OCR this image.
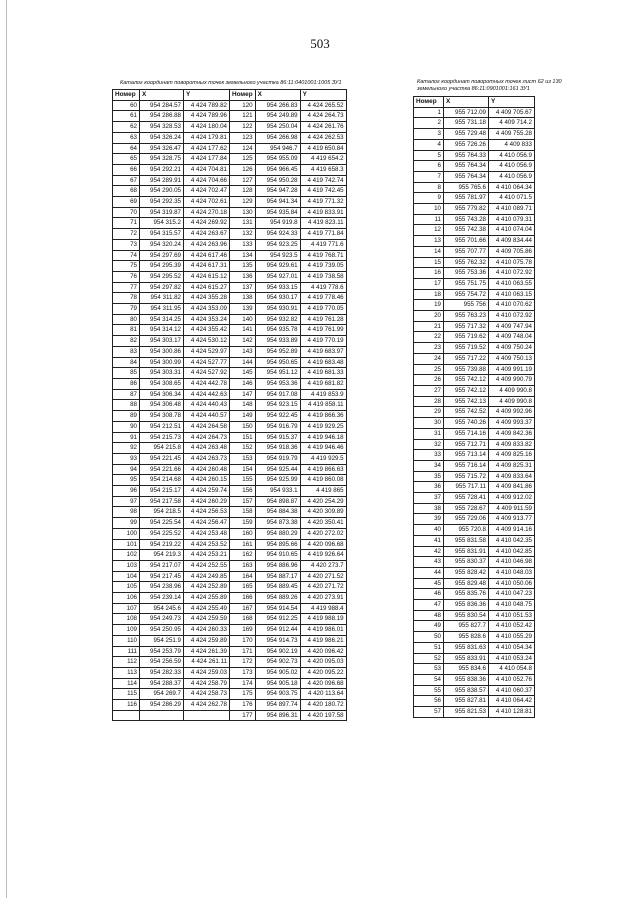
503
Каталог координат поворотных точек земельного участка 86:11:0401001:1005 ЗУ1	Каталог координат поворотных точек лист 62 из 130
земельного участка 86:11:0901001:161 ЗУ1
Номер	X	Y	Номер	X	Y
60	954 284.57	4 424 789.82	120	954 266.83	4 424 265.52
61	954 286.88	4 424 789.96	121	954 249.89	4 424 264.73
62	954 328.53	4 424 180.04	122	954 250.04	4 424 261.76
63	954 326.24	4 424 179.81	123	954 266.98	4 424 262.53
64	954 326.47	4 424 177.62	124	954 946.7	4 419 650.84
65	954 328.75	4 424 177.84	125	954 955.09	4 419 654.2
66	954 292.21	4 424 704.81	126	954 966.45	4 419 658.3
67	954 289.91	4 424 704.66	127	954 950.28	4 419 742.74
68	954 290.05	4 424 702.47	128	954 947.28	4 419 742.45
69	954 292.35	4 424 702.61	129	954 941.34	4 419 771.32
70	954 319.87	4 424 270.18	130	954 935.84	4 419 833.91
71	954 315.2	4 424 269.92	131	954 919.8	4 419 823.11
72	954 315.57	4 424 263.67	132	954 924.33	4 419 771.84
73	954 320.24	4 424 263.96	133	954 923.25	4 419 771.6
74	954 297.69	4 424 617.46	134	954 923.5	4 419 768.71
75	954 295.39	4 424 617.31	135	954 929.61	4 419 739.05
76	954 295.52	4 424 615.12	136	954 927.01	4 419 738.58
77	954 297.82	4 424 615.27	137	954 933.15	4 419 778.6
78	954 311.82	4 424 355.28	138	954 930.17	4 419 778.46
79	954 311.95	4 424 353.09	139	954 930.91	4 419 770.05
80	954 314.25	4 424 353.24	140	954 932.82	4 419 761.28
81	954 314.12	4 424 355.42	141	954 935.78	4 419 761.99
82	954 303.17	4 424 530.12	142	954 933.89	4 419 770.19
83	954 300.86	4 424 529.97	143	954 952.89	4 419 683.97
84	954 300.99	4 424 527.77	144	954 950.65	4 419 683.48
85	954 303.31	4 424 527.92	145	954 951.12	4 419 681.33
86	954 308.65	4 424 442.78	146	954 953.36	4 419 681.82
87	954 306.34	4 424 442.63	147	954 917.08	4 419 853.9
88	954 306.48	4 424 440.43	148	954 923.15	4 419 858.11
89	954 308.78	4 424 440.57	149	954 922.45	4 419 866.36
90	954 212.51	4 424 264.58	150	954 916.79	4 419 929.25
91	954 215.73	4 424 264.73	151	954 915.37	4 419 946.18
92	954 215.8	4 424 263.48	152	954 918.36	4 419 946.46
93	954 221.45	4 424 263.73	153	954 919.79	4 419 929.5
94	954 221.66	4 424 260.48	154	954 925.44	4 419 866.63
95	954 214.68	4 424 260.15	155	954 925.99	4 419 860.08
96	954 215.17	4 424 259.74	156	954 933.1	4 419 865
97	954 217.58	4 424 260.29	157	954 898.87	4 420 254.29
98	954 218.5	4 424 256.53	158	954 884.38	4 420 309.89
99	954 225.54	4 424 256.47	159	954 873.38	4 420 350.41
100	954 225.52	4 424 253.48	160	954 880.29	4 420 272.02
101	954 219.22	4 424 253.52	161	954 895.66	4 420 096.68
102	954 219.3	4 424 253.21	162	954 910.65	4 419 926.64
103	954 217.07	4 424 252.55	163	954 886.96	4 420 273.7
104	954 217.45	4 424 249.85	164	954 887.17	4 420 271.52
105	954 238.96	4 424 252.89	165	954 889.45	4 420 271.72
106	954 239.14	4 424 255.89	166	954 889.26	4 420 273.91
107	954 245.6	4 424 255.49	167	954 914.54	4 419 988.4
108	954 249.73	4 424 259.59	168	954 912.25	4 419 988.19
109	954 250.95	4 424 260.33	169	954 912.44	4 419 986.01
110	954 251.9	4 424 259.89	170	954 914.73	4 419 986.21
111	954 253.79	4 424 261.39	171	954 902.19	4 420 096.42
112	954 256.59	4 424 261.11	172	954 902.73	4 420 095.03
113	954 282.33	4 424 259.03	173	954 905.02	4 420 095.22
114	954 288.37	4 424 258.79	174	954 905.18	4 420 096.68
115	954 269.7	4 424 258.73	175	954 903.75	4 420 113.64
116	954 286.29	4 424 262.78	176	954 897.74	4 420 180.72
			177	954 896.31	4 420 197.58
Номер	X	Y
1	955 712.09	4 409 705.67
2	955 731.18	4 409 714.2
3	955 729.48	4 409 755.28
4	955 726.26	4 409 833
5	955 764.33	4 410 056.9
6	955 764.34	4 410 056.9
7	955 764.34	4 410 056.9
8	955 765.6	4 410 064.34
9	955 781.97	4 410 071.5
10	955 779.82	4 410 089.71
11	955 743.28	4 410 079.31
12	955 742.38	4 410 074.04
13	955 701.66	4 409 834.44
14	955 707.77	4 409 705.86
15	955 762.32	4 410 075.78
16	955 753.36	4 410 072.92
17	955 751.75	4 410 063.55
18	955 754.72	4 410 063.15
19	955 756	4 410 070.62
20	955 763.23	4 410 072.92
21	955 717.32	4 409 747.94
22	955 719.62	4 409 748.04
23	955 719.52	4 409 750.24
24	955 717.22	4 409 750.13
25	955 739.88	4 409 991.19
26	955 742.12	4 409 990.79
27	955 742.12	4 409 990.8
28	955 742.13	4 409 990.8
29	955 742.52	4 409 992.96
30	955 740.26	4 409 993.37
31	955 714.16	4 409 842.36
32	955 712.71	4 409 833.82
33	955 713.14	4 409 825.16
34	955 716.14	4 409 825.31
35	955 715.72	4 409 833.64
36	955 717.11	4 409 841.86
37	955 728.41	4 409 912.02
38	955 728.67	4 409 911.59
39	955 729.06	4 409 913.77
40	955 720.8	4 409 914.16
41	955 831.58	4 410 042.35
42	955 831.91	4 410 042.85
43	955 830.37	4 410 046.98
44	955 828.42	4 410 048.03
45	955 829.48	4 410 050.06
46	955 835.76	4 410 047.23
47	955 836.36	4 410 048.75
48	955 830.54	4 410 051.53
49	955 827.7	4 410 052.42
50	955 828.6	4 410 055.29
51	955 831.63	4 410 054.34
52	955 833.91	4 410 053.24
53	955 834.6	4 410 054.8
54	955 838.36	4 410 052.76
55	955 838.57	4 410 060.37
56	955 827.81	4 410 064.42
57	955 821.53	4 410 128.81
